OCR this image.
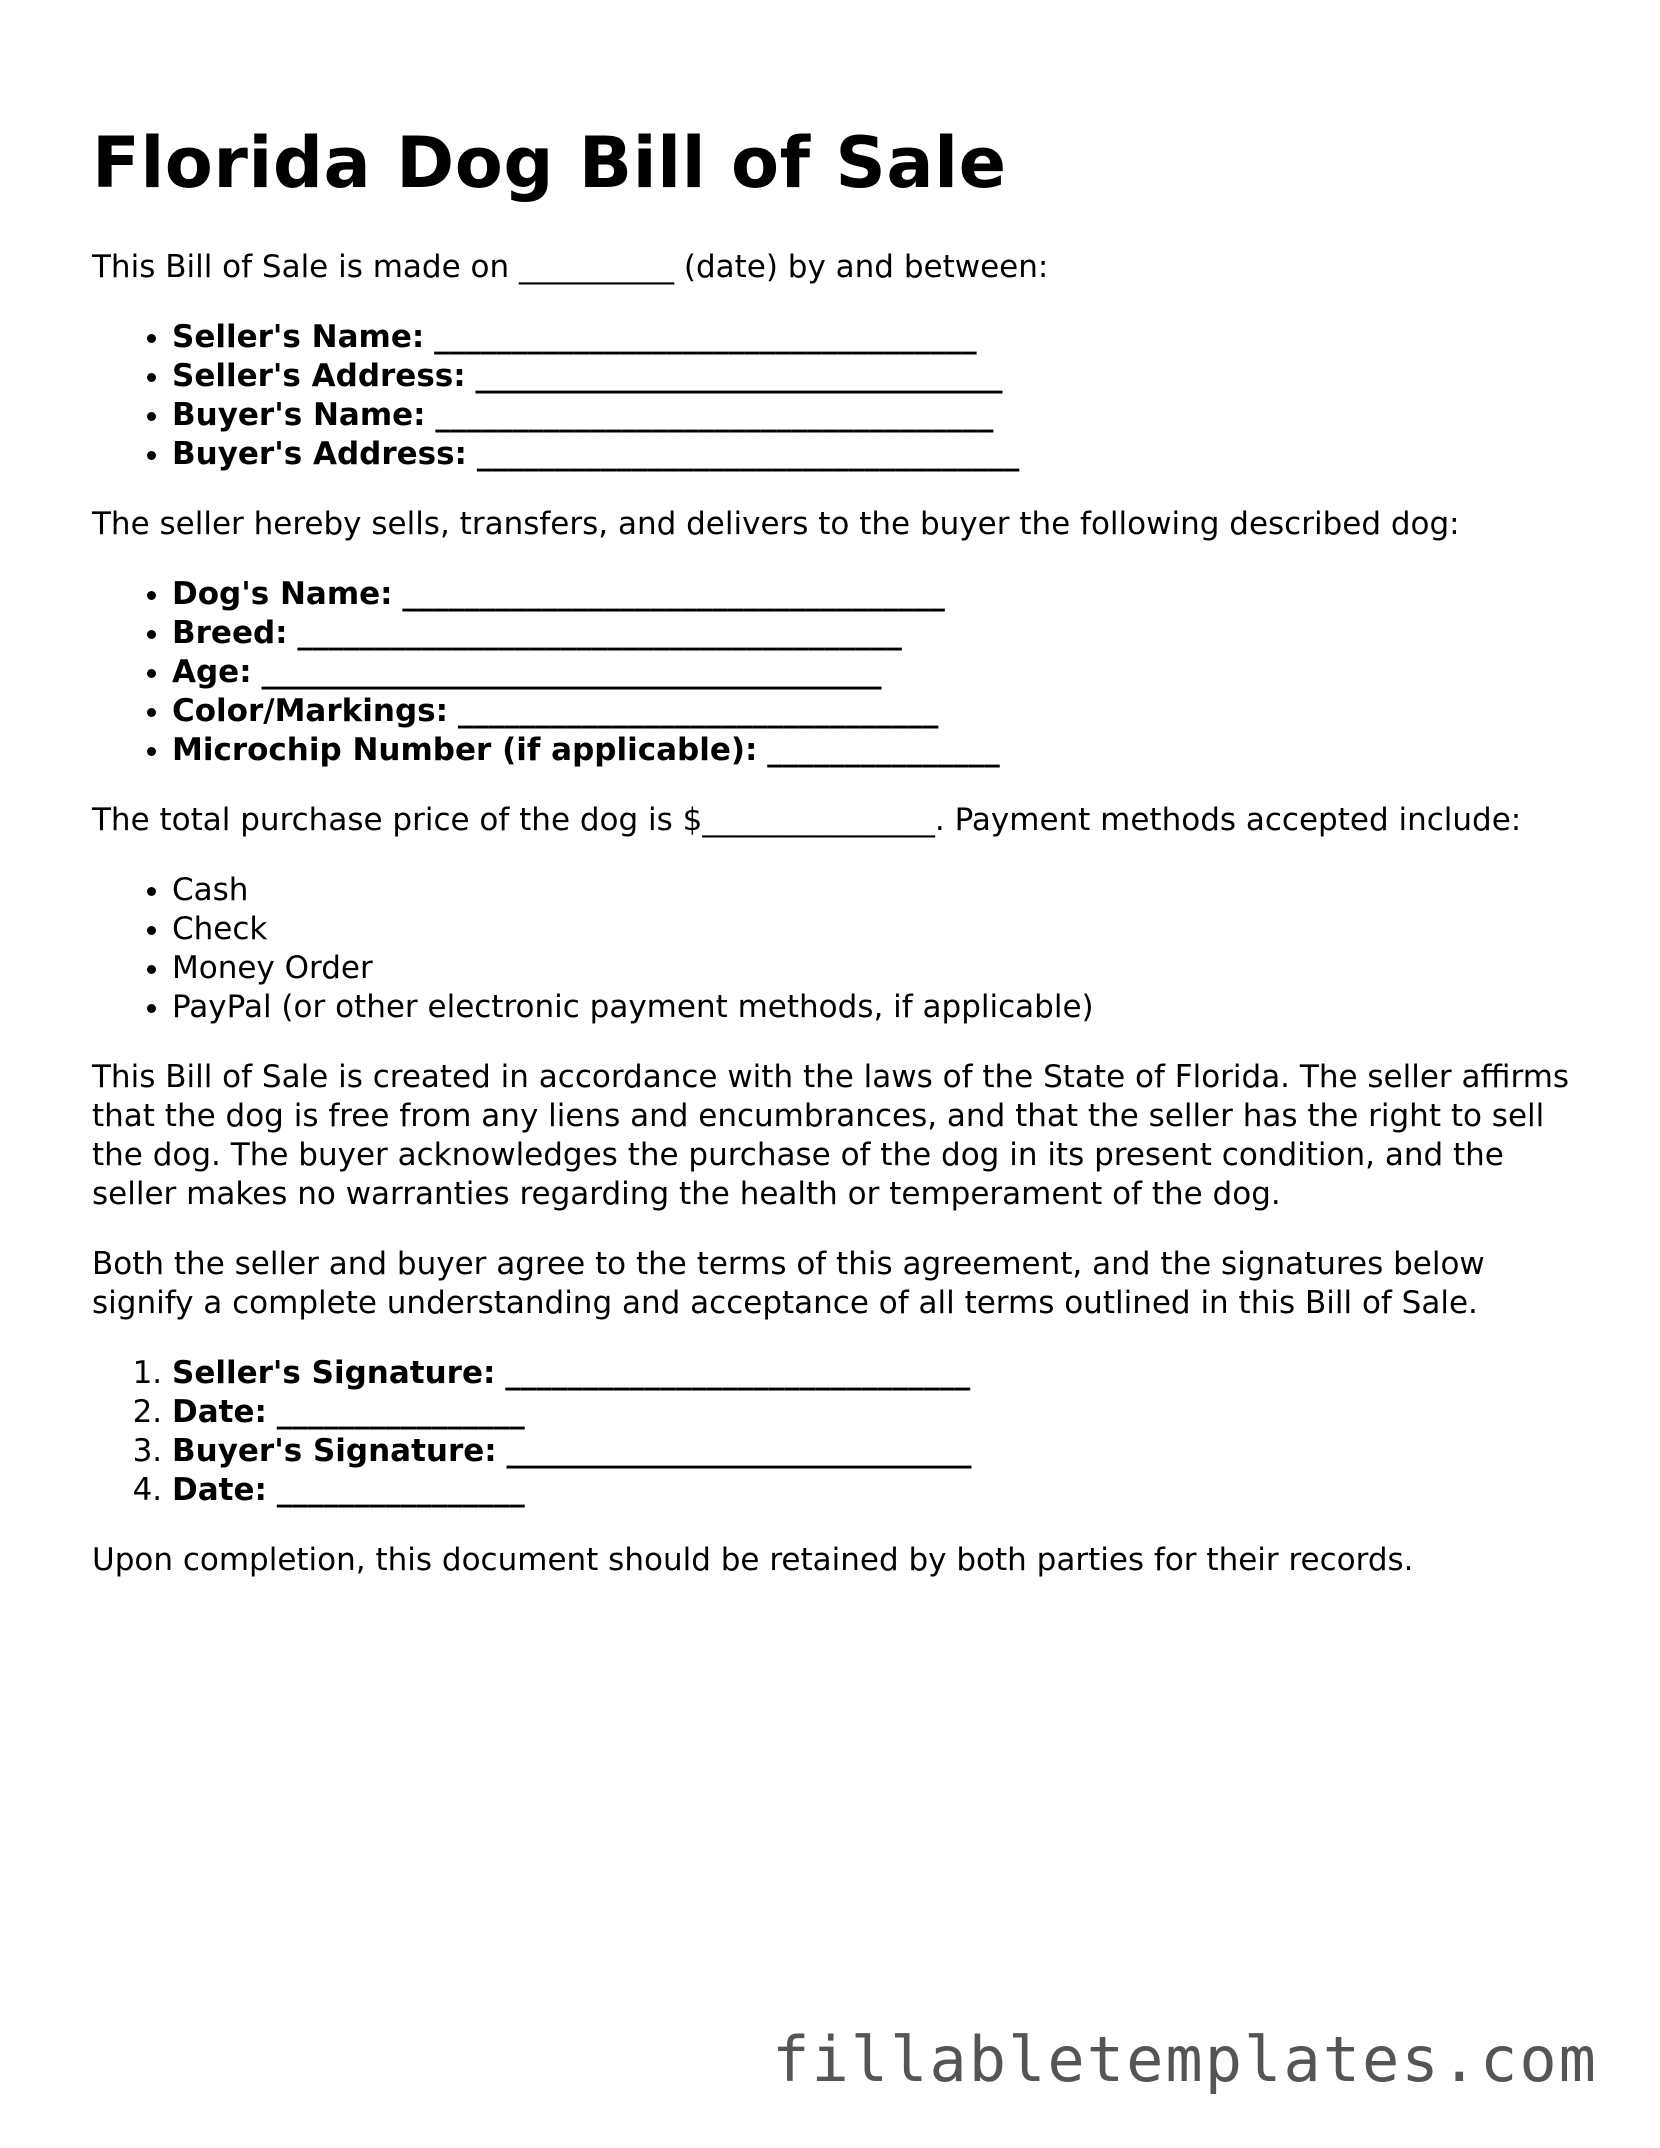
Florida Dog Bill of Sale

This Bill of Sale is made on __________ (date) by and between:

• Seller's Name: ___________________________________
• Seller's Address: __________________________________
• Buyer's Name: ____________________________________
• Buyer's Address: ___________________________________

The seller hereby sells, transfers, and delivers to the buyer the following described dog:

• Dog's Name: ___________________________________
• Breed: _______________________________________
• Age: ________________________________________
• Color/Markings: _______________________________
• Microchip Number (if applicable): _______________

The total purchase price of the dog is $_______________. Payment methods accepted include:

• Cash
• Check
• Money Order
• PayPal (or other electronic payment methods, if applicable)

This Bill of Sale is created in accordance with the laws of the State of Florida. The seller affirms that the dog is free from any liens and encumbrances, and that the seller has the right to sell the dog. The buyer acknowledges the purchase of the dog in its present condition, and the seller makes no warranties regarding the health or temperament of the dog.

Both the seller and buyer agree to the terms of this agreement, and the signatures below signify a complete understanding and acceptance of all terms outlined in this Bill of Sale.

1. Seller's Signature: ______________________________
2. Date: ________________
3. Buyer's Signature: ______________________________
4. Date: ________________

Upon completion, this document should be retained by both parties for their records.

fillabletemplates.com
